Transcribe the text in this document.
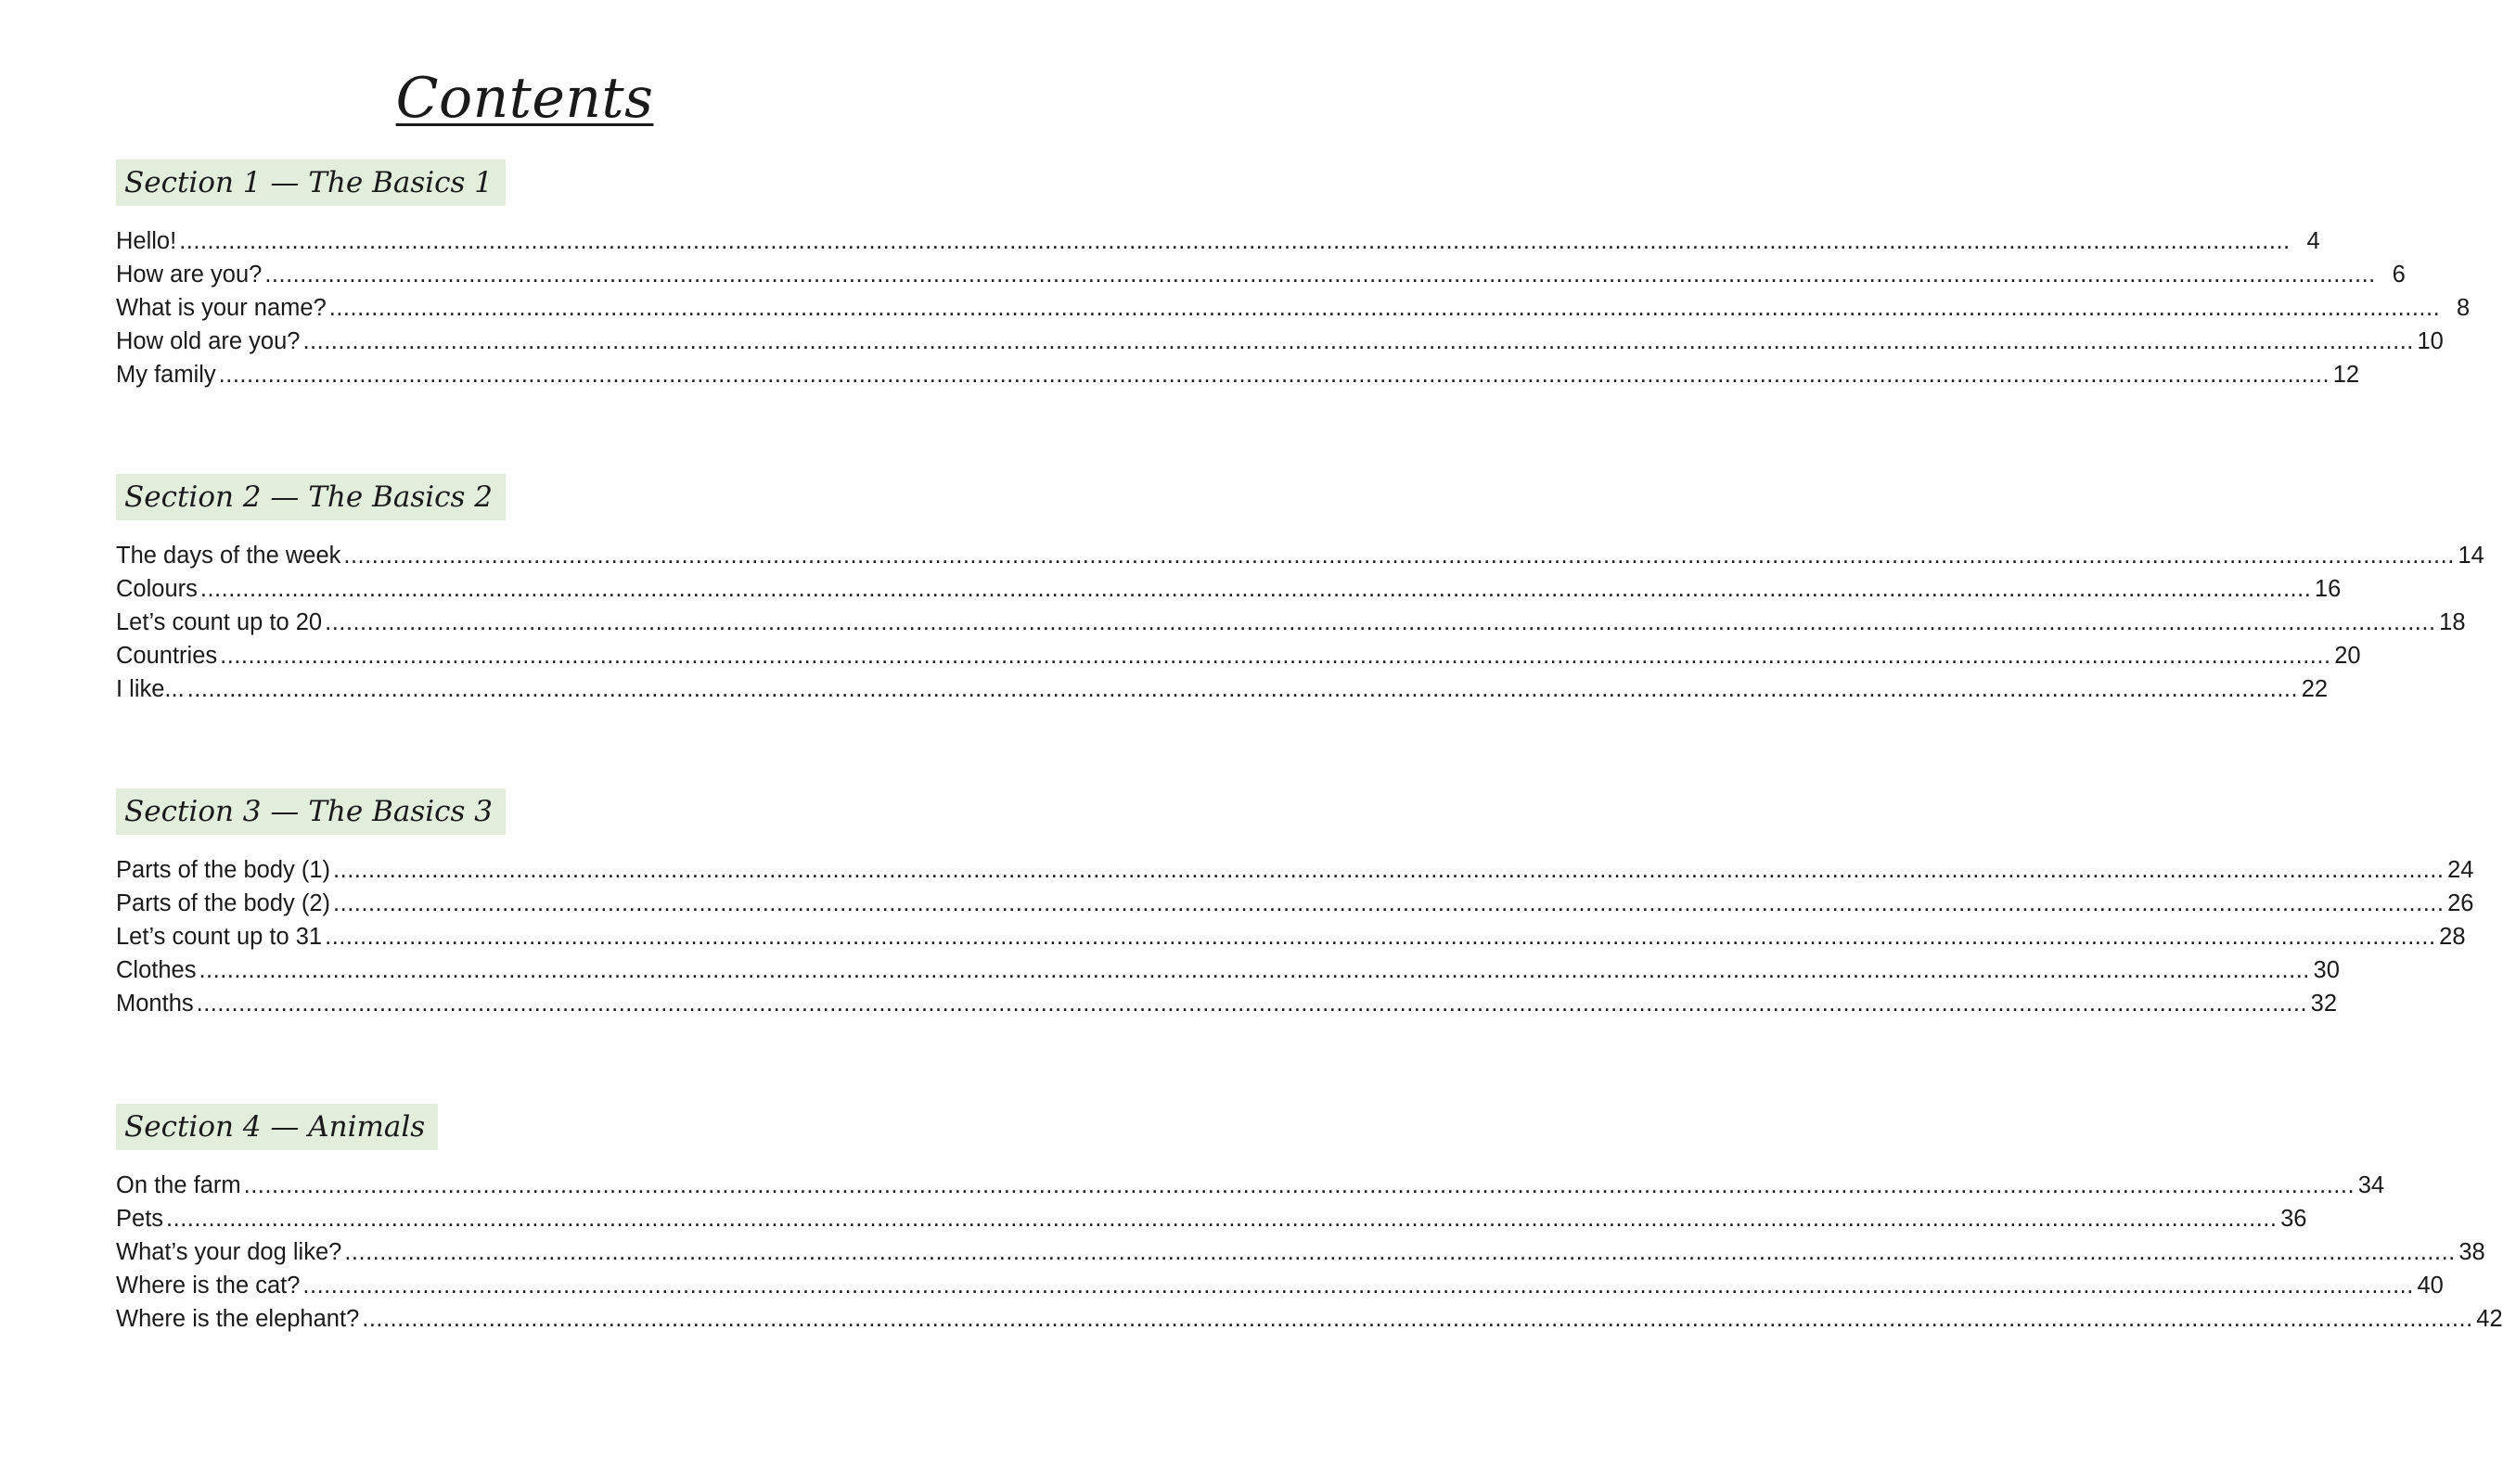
Contents
Section 1 — The Basics 1
Hello! ............................................................................................................................................................................................................................................................................................................ 4
How are you? ............................................................................................................................................................................................................................................................................................................ 6
What is your name? ............................................................................................................................................................................................................................................................................................................ 8
How old are you? ............................................................................................................................................................................................................................................................................................................ 10
My family ............................................................................................................................................................................................................................................................................................................ 12
Section 2 — The Basics 2
The days of the week ............................................................................................................................................................................................................................................................................................................ 14
Colours ............................................................................................................................................................................................................................................................................................................ 16
Let’s count up to 20 ............................................................................................................................................................................................................................................................................................................ 18
Countries ............................................................................................................................................................................................................................................................................................................ 20
I like... ............................................................................................................................................................................................................................................................................................................ 22
Section 3 — The Basics 3
Parts of the body (1) ............................................................................................................................................................................................................................................................................................................ 24
Parts of the body (2) ............................................................................................................................................................................................................................................................................................................ 26
Let’s count up to 31 ............................................................................................................................................................................................................................................................................................................ 28
Clothes ............................................................................................................................................................................................................................................................................................................ 30
Months ............................................................................................................................................................................................................................................................................................................ 32
Section 4 — Animals
On the farm ............................................................................................................................................................................................................................................................................................................ 34
Pets ............................................................................................................................................................................................................................................................................................................ 36
What’s your dog like? ............................................................................................................................................................................................................................................................................................................ 38
Where is the cat? ............................................................................................................................................................................................................................................................................................................ 40
Where is the elephant? ............................................................................................................................................................................................................................................................................................................ 42
